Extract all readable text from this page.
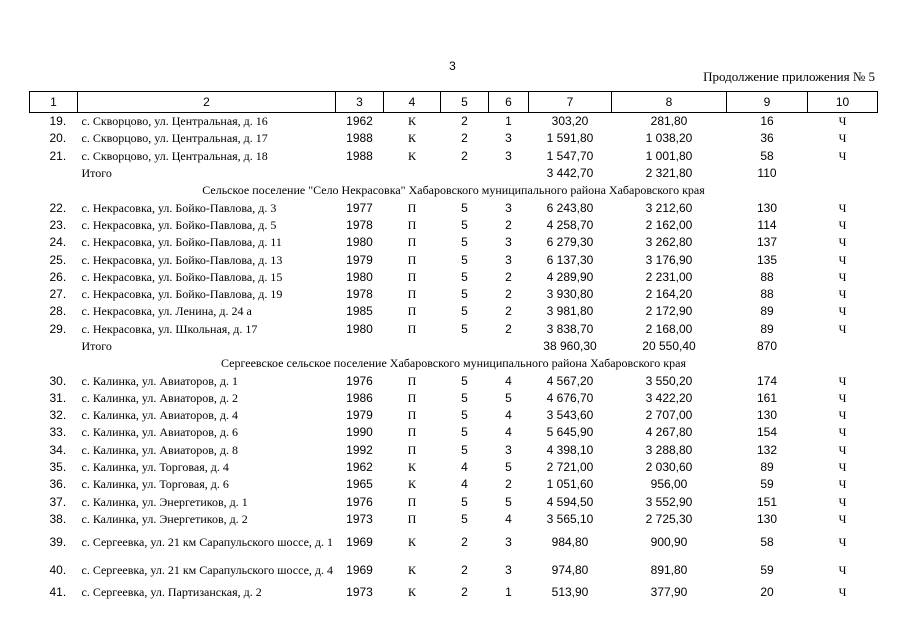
3
Продолжение приложения № 5
1	2	3	4	5	6	7	8	9	10
19.	с. Скворцово, ул. Центральная, д. 16	1962	К	2	1	303,20	281,80	16	Ч
20.	с. Скворцово, ул. Центральная, д. 17	1988	К	2	3	1 591,80	1 038,20	36	Ч
21.	с. Скворцово, ул. Центральная, д. 18	1988	К	2	3	1 547,70	1 001,80	58	Ч
	Итого					3 442,70	2 321,80	110	
Сельское поселение "Село Некрасовка" Хабаровского муниципального района Хабаровского края									
22.	с. Некрасовка, ул. Бойко-Павлова, д. 3	1977	П	5	3	6 243,80	3 212,60	130	Ч
23.	с. Некрасовка, ул. Бойко-Павлова, д. 5	1978	П	5	2	4 258,70	2 162,00	114	Ч
24.	с. Некрасовка, ул. Бойко-Павлова, д. 11	1980	П	5	3	6 279,30	3 262,80	137	Ч
25.	с. Некрасовка, ул. Бойко-Павлова, д. 13	1979	П	5	3	6 137,30	3 176,90	135	Ч
26.	с. Некрасовка, ул. Бойко-Павлова, д. 15	1980	П	5	2	4 289,90	2 231,00	88	Ч
27.	с. Некрасовка, ул. Бойко-Павлова, д. 19	1978	П	5	2	3 930,80	2 164,20	88	Ч
28.	с. Некрасовка, ул. Ленина, д. 24 а	1985	П	5	2	3 981,80	2 172,90	89	Ч
29.	с. Некрасовка, ул. Школьная, д. 17	1980	П	5	2	3 838,70	2 168,00	89	Ч
	Итого					38 960,30	20 550,40	870	
Сергеевское сельское поселение Хабаровского муниципального района Хабаровского края									
30.	с. Калинка, ул. Авиаторов, д. 1	1976	П	5	4	4 567,20	3 550,20	174	Ч
31.	с. Калинка, ул. Авиаторов, д. 2	1986	П	5	5	4 676,70	3 422,20	161	Ч
32.	с. Калинка, ул. Авиаторов, д. 4	1979	П	5	4	3 543,60	2 707,00	130	Ч
33.	с. Калинка, ул. Авиаторов, д. 6	1990	П	5	4	5 645,90	4 267,80	154	Ч
34.	с. Калинка, ул. Авиаторов, д. 8	1992	П	5	3	4 398,10	3 288,80	132	Ч
35.	с. Калинка, ул. Торговая, д. 4	1962	К	4	5	2 721,00	2 030,60	89	Ч
36.	с. Калинка, ул. Торговая, д. 6	1965	К	4	2	1 051,60	956,00	59	Ч
37.	с. Калинка, ул. Энергетиков, д. 1	1976	П	5	5	4 594,50	3 552,90	151	Ч
38.	с. Калинка, ул. Энергетиков, д. 2	1973	П	5	4	3 565,10	2 725,30	130	Ч
39.	с. Сергеевка, ул. 21 км Сарапульского шоссе, д. 1	1969	К	2	3	984,80	900,90	58	Ч
40.	с. Сергеевка, ул. 21 км Сарапульского шоссе, д. 4	1969	К	2	3	974,80	891,80	59	Ч
41.	с. Сергеевка, ул. Партизанская, д. 2	1973	К	2	1	513,90	377,90	20	Ч
